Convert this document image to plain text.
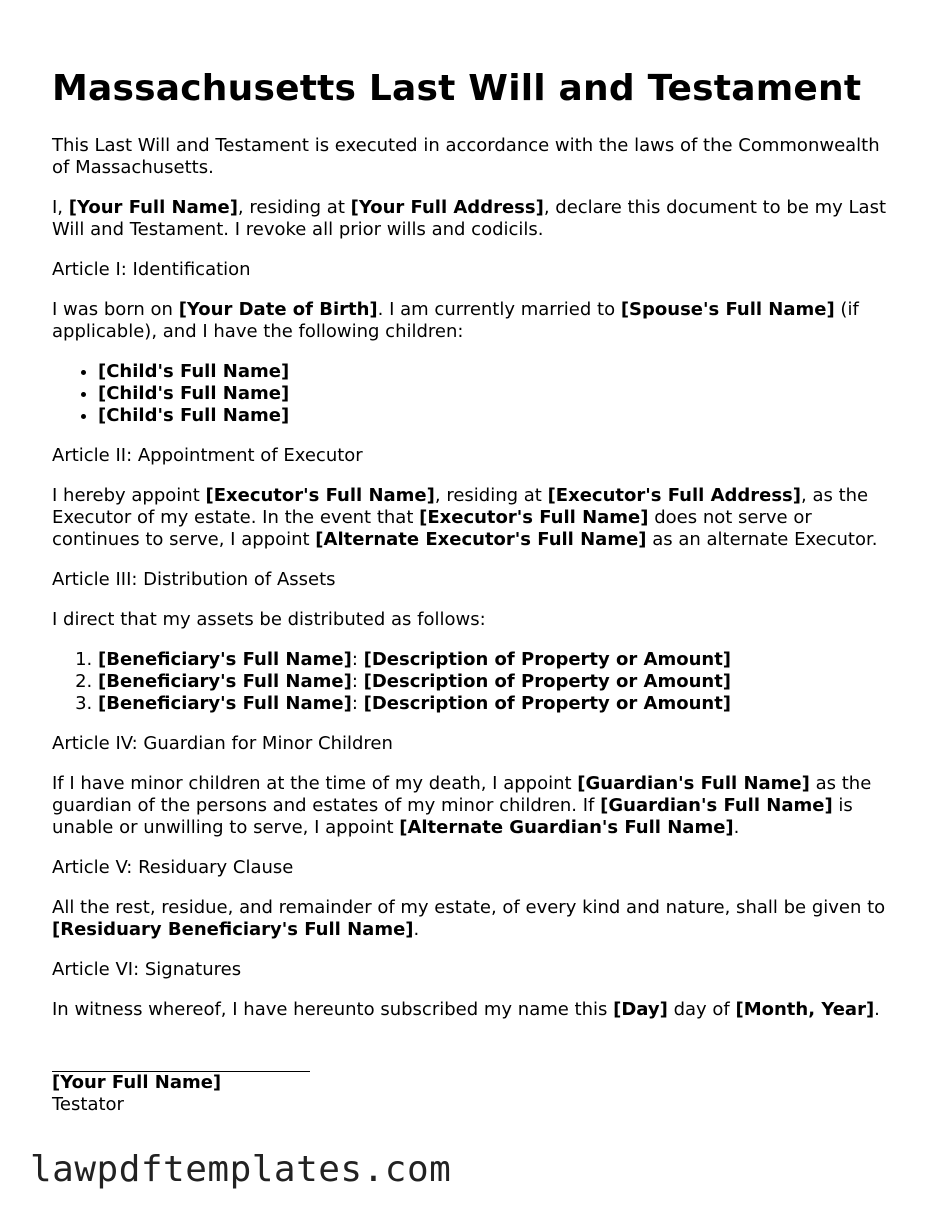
Massachusetts Last Will and Testament

This Last Will and Testament is executed in accordance with the laws of the Commonwealth of Massachusetts.

I, [Your Full Name], residing at [Your Full Address], declare this document to be my Last Will and Testament. I revoke all prior wills and codicils.

Article I: Identification

I was born on [Your Date of Birth]. I am currently married to [Spouse's Full Name] (if applicable), and I have the following children:

• [Child's Full Name]
• [Child's Full Name]
• [Child's Full Name]

Article II: Appointment of Executor

I hereby appoint [Executor's Full Name], residing at [Executor's Full Address], as the Executor of my estate. In the event that [Executor's Full Name] does not serve or continues to serve, I appoint [Alternate Executor's Full Name] as an alternate Executor.

Article III: Distribution of Assets

I direct that my assets be distributed as follows:

1. [Beneficiary's Full Name]: [Description of Property or Amount]
2. [Beneficiary's Full Name]: [Description of Property or Amount]
3. [Beneficiary's Full Name]: [Description of Property or Amount]

Article IV: Guardian for Minor Children

If I have minor children at the time of my death, I appoint [Guardian's Full Name] as the guardian of the persons and estates of my minor children. If [Guardian's Full Name] is unable or unwilling to serve, I appoint [Alternate Guardian's Full Name].

Article V: Residuary Clause

All the rest, residue, and remainder of my estate, of every kind and nature, shall be given to [Residuary Beneficiary's Full Name].

Article VI: Signatures

In witness whereof, I have hereunto subscribed my name this [Day] day of [Month, Year].

[Your Full Name]
Testator
lawpdftemplates.com
